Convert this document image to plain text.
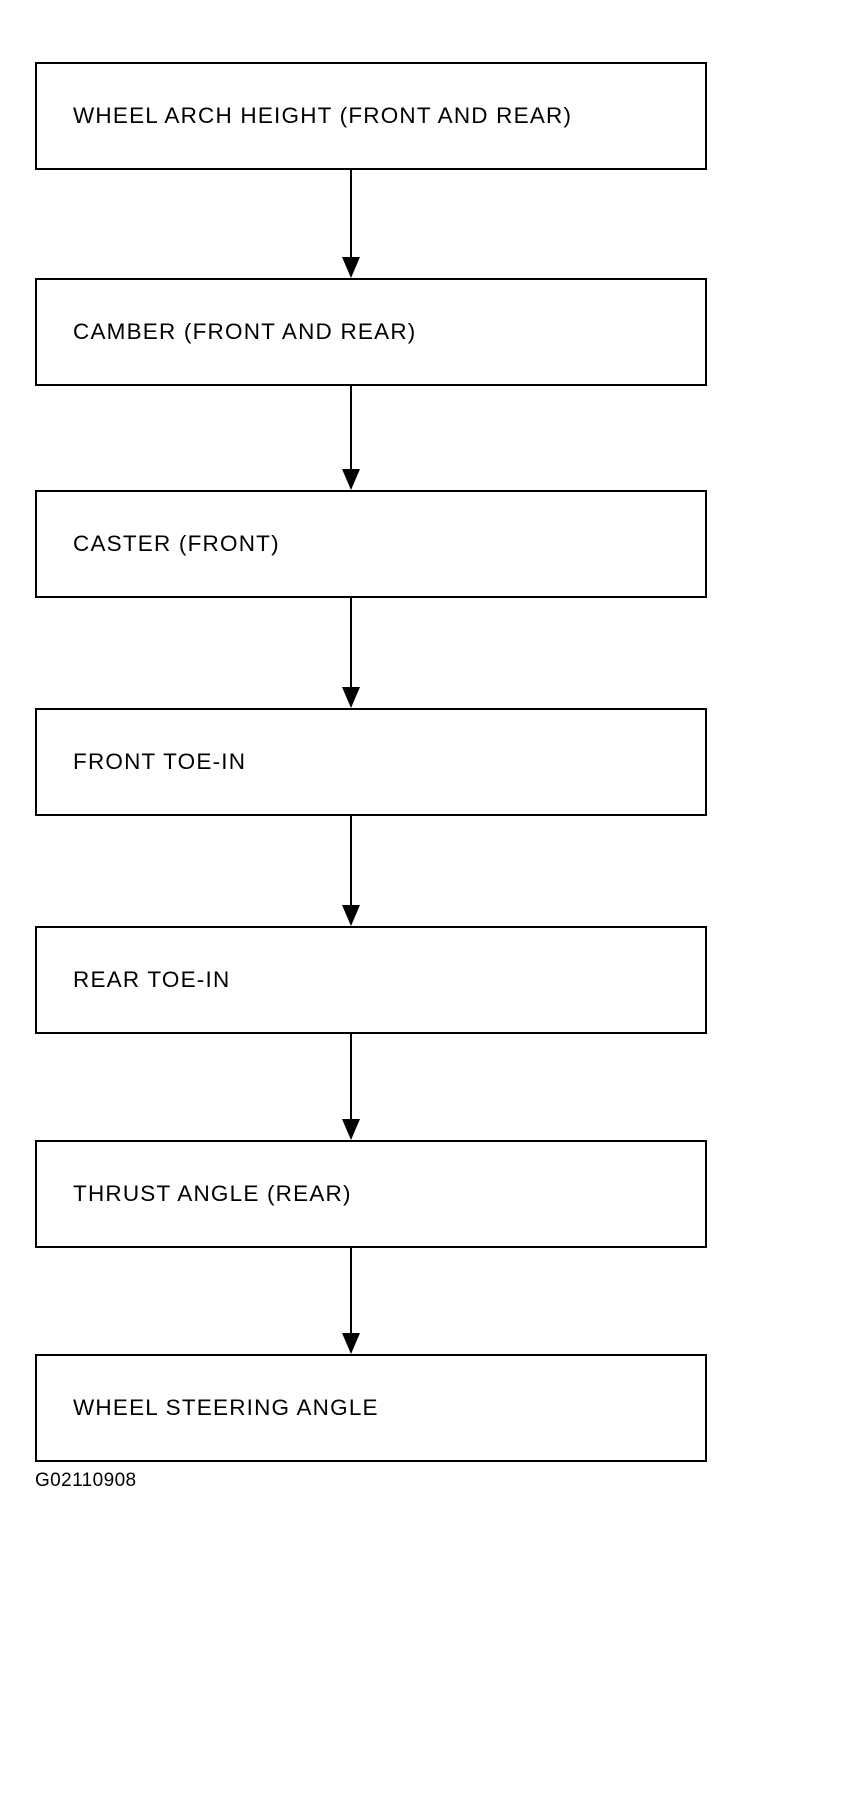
WHEEL ARCH HEIGHT (FRONT AND REAR)
CAMBER (FRONT AND REAR)
CASTER (FRONT)
FRONT TOE-IN
REAR TOE-IN
THRUST ANGLE (REAR)
WHEEL STEERING ANGLE
G02110908
